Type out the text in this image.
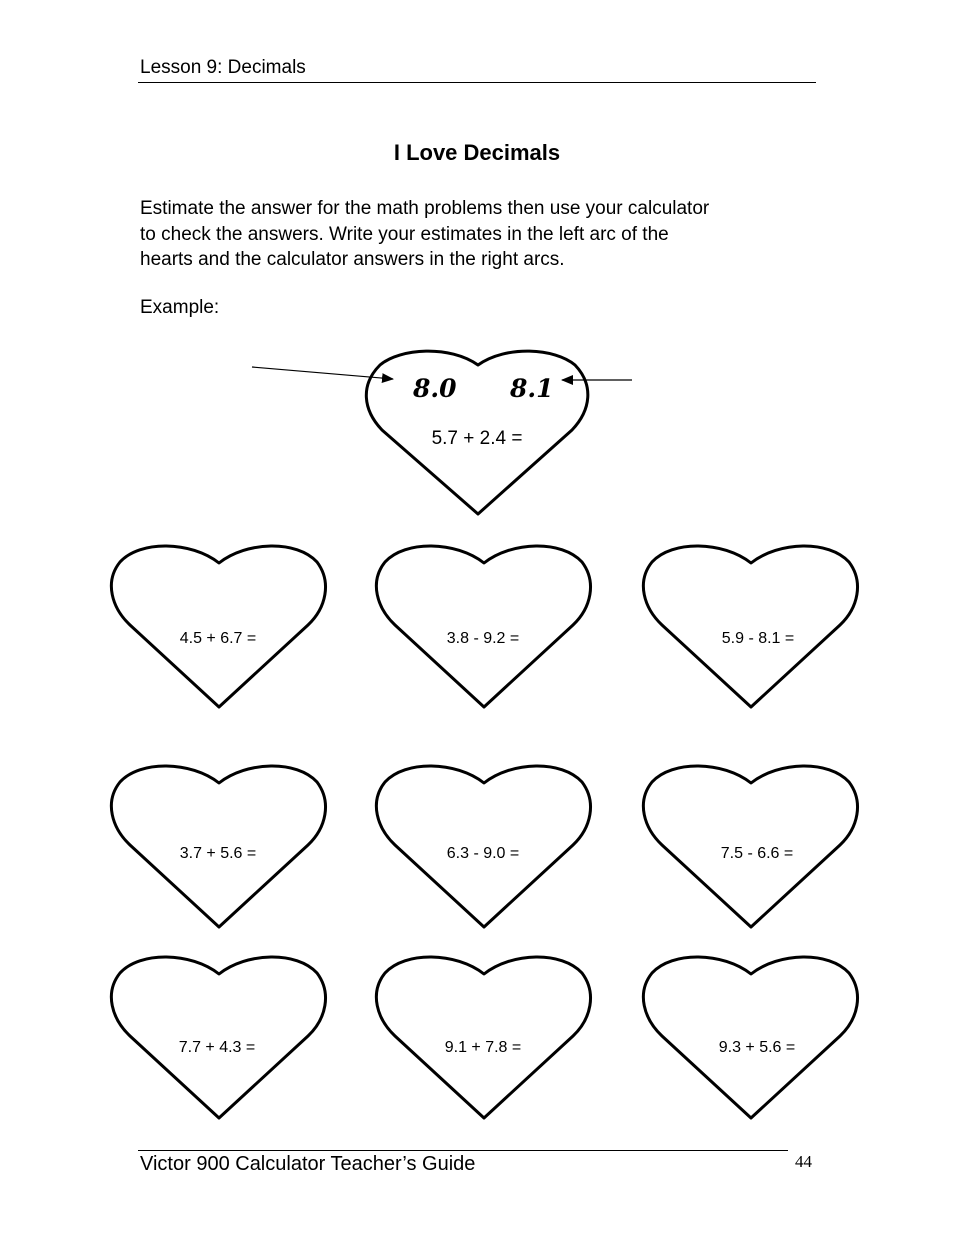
Lesson 9: Decimals
I Love Decimals
Estimate the answer for the math problems then use your calculator
to check the answers. Write your estimates in the left arc of the
hearts and the calculator answers in the right arcs.
Example:
8.0 8.1
5.7 + 2.4 =
4.5 + 6.7 =	3.8 - 9.2 =	5.9 - 8.1 =
3.7 + 5.6 =	6.3 - 9.0 =	7.5 - 6.6 =
7.7 + 4.3 =	9.1 + 7.8 =	9.3 + 5.6 =
Victor 900 Calculator Teacher’s Guide	44
